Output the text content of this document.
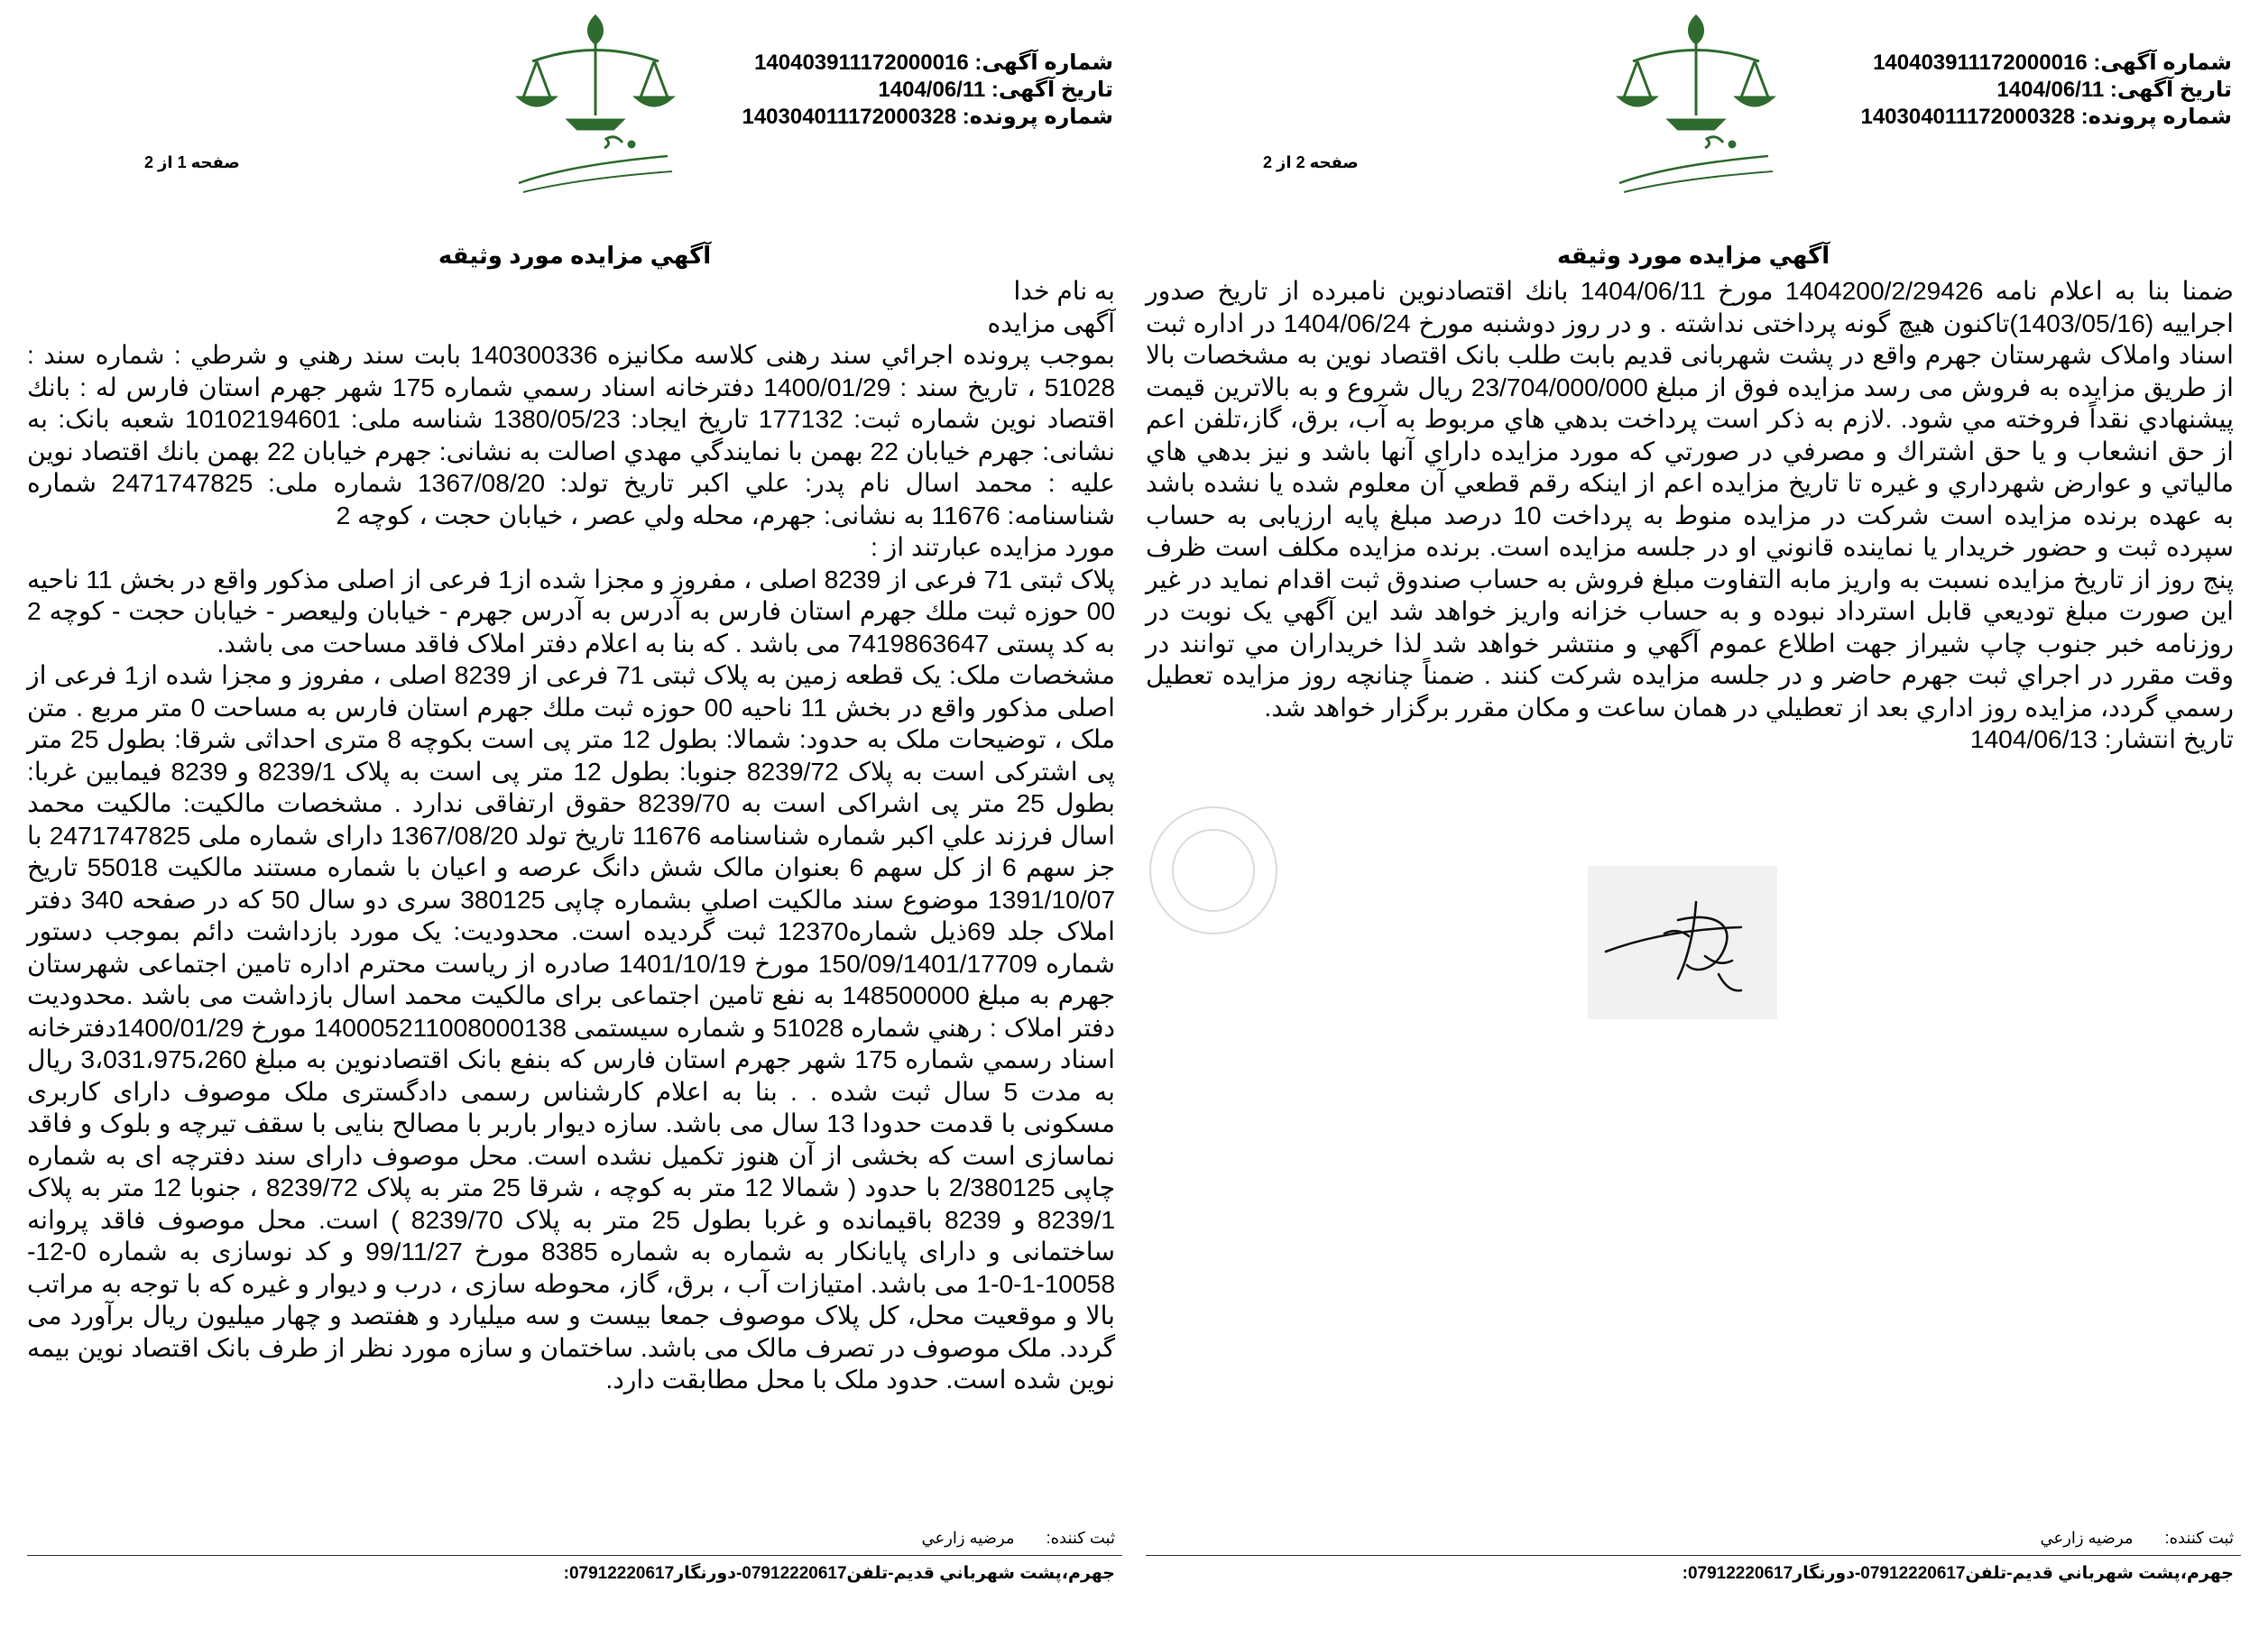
شماره آگهی: 140403911172000016
تاریخ آگهی: 1404/06/11
شماره پرونده: 140304011172000328
صفحه 2 از 2
آگهي مزايده مورد وثيقه

ضمنا بنا به اعلام نامه 1404200/2/29426 مورخ 1404/06/11 بانك اقتصادنوين نامبرده از تاریخ صدور اجراییه (1403/05/16)تاكنون هيچ گونه پرداختی نداشته . و در روز دوشنبه مورخ 1404/06/24 در اداره ثبت اسناد واملاک شهرستان جهرم واقع در پشت شهربانی قدیم بابت طلب بانک اقتصاد نوین به مشخصات بالا از طريق مزايده به فروش می رسد مزايده فوق از مبلغ 23/704/000/000 ريال شروع و به بالاترين قيمت پيشنهادي نقداً فروخته مي شود. .لازم به ذكر است پرداخت بدهي هاي مربوط به آب، برق، گاز،تلفن اعم از حق انشعاب و يا حق اشتراك و مصرفي در صورتي كه مورد مزايده داراي آنها باشد و نيز بدهي هاي مالياتي و عوارض شهرداري و غيره تا تاريخ مزايده اعم از اينكه رقم قطعي آن معلوم شده يا نشده باشد به عهده برنده مزايده است شركت در مزایده منوط به پرداخت 10 درصد مبلغ پایه ارزیابی به حساب سپرده ثبت و حضور خريدار يا نماينده قانوني او در جلسه مزايده است. برنده مزایده مکلف است ظرف پنج روز از تاريخ مزايده نسبت به واريز مابه التفاوت مبلغ فروش به حساب صندوق ثبت اقدام نماید در غير اين صورت مبلغ توديعي قابل استرداد نبوده و به حساب خزانه واريز خواهد شد اين آگهي يک نوبت در روزنامه خبر جنوب چاپ شیراز جهت اطلاع عموم آگهي و منتشر خواهد شد لذا خريداران مي توانند در وقت مقرر در اجراي ثبت جهرم حاضر و در جلسه مزايده شركت كنند . ضمناً چنانچه روز مزايده تعطيل رسمي گردد، مزايده روز اداري بعد از تعطيلي در همان ساعت و مكان مقرر برگزار خواهد شد.

تاریخ انتشار: 1404/06/13

ثبت كننده: مرضيه زارعي
جهرم،پشت شهرباني قديم-تلفن07912220617-دورنگار07912220617:
شماره آگهی: 140403911172000016
تاریخ آگهی: 1404/06/11
شماره پرونده: 140304011172000328
صفحه 1 از 2
آگهي مزايده مورد وثيقه

به نام خدا

آگهی مزایده

بموجب پرونده اجرائي سند رهنی کلاسه مکانیزه 140300336 بابت سند رهني و شرطي : شماره سند : 51028 ، تاریخ سند : 1400/01/29 دفترخانه اسناد رسمي شماره 175 شهر جهرم استان فارس له : بانك اقتصاد نوين شماره ثبت: 177132 تاريخ ايجاد: 1380/05/23 شناسه ملی: 10102194601 شعبه بانک: به نشانی: جهرم خیابان 22 بهمن با نمايندگي مهدي اصالت به نشانی: جهرم خیابان 22 بهمن بانك اقتصاد نوين عليه : محمد اسال نام پدر: علي اكبر تاريخ تولد: 1367/08/20 شماره ملی: 2471747825 شماره شناسنامه: 11676 به نشانی: جهرم، محله ولي عصر ، خيابان حجت ، کوچه 2

مورد مزایده عبارتند از :

پلاک ثبتی 71 فرعی از 8239 اصلی ، مفروز و مجزا شده از1 فرعی از اصلی مذکور واقع در بخش 11 ناحیه 00 حوزه ثبت ملك جهرم استان فارس به آدرس به آدرس جهرم - خيابان وليعصر - خیابان حجت - کوچه 2 به کد پستی 7419863647 می باشد . كه بنا به اعلام دفتر املاک فاقد مساحت می باشد.

مشخصات ملک: یک قطعه زمین به پلاک ثبتی 71 فرعی از 8239 اصلی ، مفروز و مجزا شده از1 فرعی از اصلی مذکور واقع در بخش 11 ناحیه 00 حوزه ثبت ملك جهرم استان فارس به مساحت 0 متر مربع . متن ملک ، توضیحات ملک به حدود: شمالا: بطول 12 متر پی است بکوچه 8 متری احداثی شرقا: بطول 25 متر پی اشترکی است به پلاک 8239/72 جنوبا: بطول 12 متر پی است به پلاک 8239/1 و 8239 فیمابین غربا: بطول 25 متر پی اشراکی است به 8239/70 حقوق ارتفاقی ندارد . مشخصات مالکیت: مالکیت محمد اسال فرزند علي اكبر شماره شناسنامه 11676 تاریخ تولد 1367/08/20 دارای شماره ملی 2471747825 با جز سهم 6 از کل سهم 6 بعنوان مالک شش دانگ عرصه و اعیان با شماره مستند مالکیت 55018 تاریخ 1391/10/07 موضوع سند مالکیت اصلي بشماره چاپی 380125 سری دو سال 50 که در صفحه 340 دفتر املاک جلد 69ذیل شماره12370 ثبت گردیده است. محدودیت: یک مورد بازداشت دائم بموجب دستور شماره 150/09/1401/17709 مورخ 1401/10/19 صادره از ریاست محترم اداره تامین اجتماعی شهرستان جهرم به مبلغ 148500000 به نفع تامین اجتماعی برای مالکیت محمد اسال بازداشت می باشد .محدودیت دفتر املاک : رهني شماره 51028 و شماره سیستمی 140005211008000138 مورخ 1400/01/29دفترخانه اسناد رسمي شماره 175 شهر جهرم استان فارس كه بنفع بانک اقتصادنوین به مبلغ 3،031،975،260 ریال به مدت 5 سال ثبت شده . . بنا به اعلام کارشناس رسمی دادگستری ملک موصوف دارای کاربری مسکونی با قدمت حدودا 13 سال می باشد. سازه دیوار باربر با مصالح بنایی با سقف تیرچه و بلوک و فاقد نماسازی است که بخشی از آن هنوز تکمیل نشده است. محل موصوف دارای سند دفترچه ای به شماره چاپی 2/380125 با حدود ( شمالا 12 متر به کوچه ، شرقا 25 متر به پلاک 8239/72 ، جنوبا 12 متر به پلاک 8239/1 و 8239 باقیمانده و غربا بطول 25 متر به پلاک 8239/70 ) است. محل موصوف فاقد پروانه ساختمانی و دارای پایانکار به شماره به شماره 8385 مورخ 99/11/27 و کد نوسازی به شماره 0-12-10058-1-0-1 می باشد. امتیازات آب ، برق، گاز، محوطه سازی ، درب و دیوار و غیره که با توجه به مراتب بالا و موقعیت محل، کل پلاک موصوف جمعا بیست و سه میلیارد و هفتصد و چهار میلیون ریال برآورد می گردد. ملک موصوف در تصرف مالک می باشد. ساختمان و سازه مورد نظر از طرف بانک اقتصاد نوین بیمه نوین شده است. حدود ملک با محل مطابقت دارد.

ثبت كننده: مرضيه زارعي
جهرم،پشت شهرباني قديم-تلفن07912220617-دورنگار07912220617:
